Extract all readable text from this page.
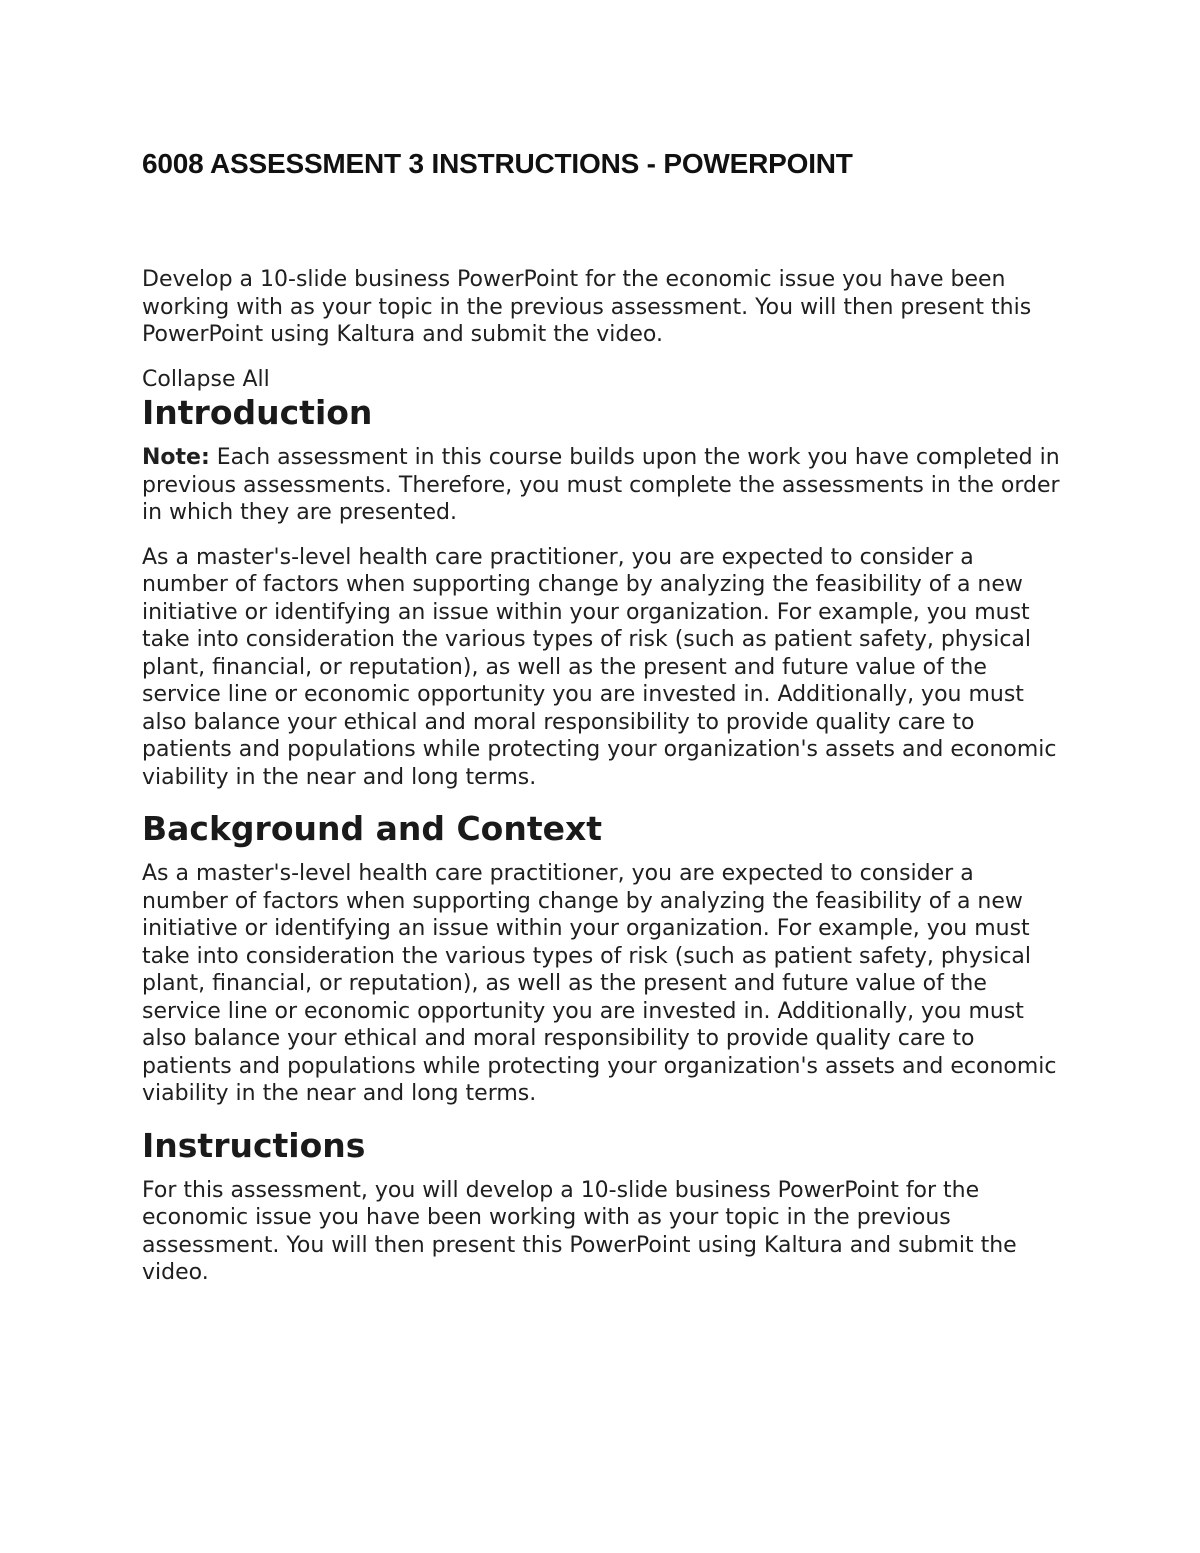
6008 ASSESSMENT 3 INSTRUCTIONS - POWERPOINT

Develop a 10-slide business PowerPoint for the economic issue you have been working with as your topic in the previous assessment. You will then present this PowerPoint using Kaltura and submit the video.

Collapse All
Introduction

Note: Each assessment in this course builds upon the work you have completed in previous assessments. Therefore, you must complete the assessments in the order in which they are presented.

As a master's-level health care practitioner, you are expected to consider a number of factors when supporting change by analyzing the feasibility of a new initiative or identifying an issue within your organization. For example, you must take into consideration the various types of risk (such as patient safety, physical plant, financial, or reputation), as well as the present and future value of the service line or economic opportunity you are invested in. Additionally, you must also balance your ethical and moral responsibility to provide quality care to patients and populations while protecting your organization's assets and economic viability in the near and long terms.

Background and Context

As a master's-level health care practitioner, you are expected to consider a number of factors when supporting change by analyzing the feasibility of a new initiative or identifying an issue within your organization. For example, you must take into consideration the various types of risk (such as patient safety, physical plant, financial, or reputation), as well as the present and future value of the service line or economic opportunity you are invested in. Additionally, you must also balance your ethical and moral responsibility to provide quality care to patients and populations while protecting your organization's assets and economic viability in the near and long terms.

Instructions

For this assessment, you will develop a 10-slide business PowerPoint for the economic issue you have been working with as your topic in the previous assessment. You will then present this PowerPoint using Kaltura and submit the video.
